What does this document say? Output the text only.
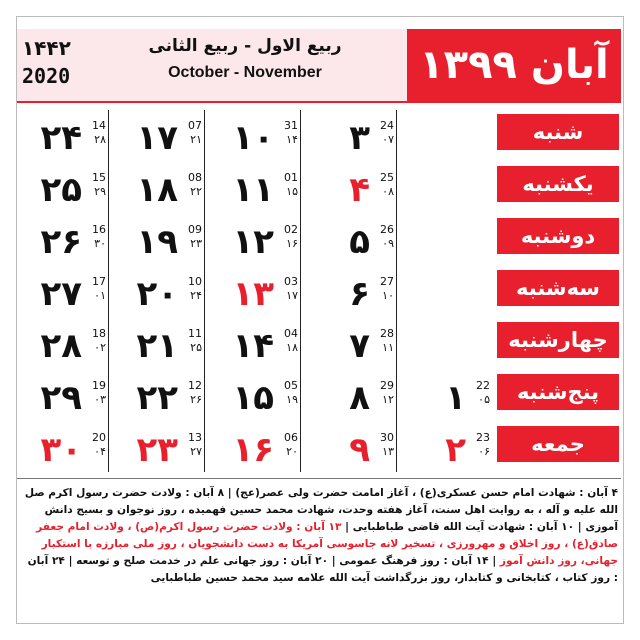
آبان ۱۳۹۹
۱۴۴۲
2020
ربیع الاول - ربیع الثانی
October - November
شنبه
یکشنبه
دوشنبه
سه‌شنبه
چهارشنبه
پنج‌شنبه
جمعه
۱ 22
۰۵
۲ 23
۰۶
۳ 24
۰۷
۴ 25
۰۸
۵ 26
۰۹
۶ 27
۱۰
۷ 28
۱۱
۸ 29
۱۲
۹ 30
۱۳
۱۰ 31
۱۴
۱۱ 01
۱۵
۱۲ 02
۱۶
۱۳ 03
۱۷
۱۴ 04
۱۸
۱۵ 05
۱۹
۱۶ 06
۲۰
۱۷ 07
۲۱
۱۸ 08
۲۲
۱۹ 09
۲۳
۲۰ 10
۲۴
۲۱ 11
۲۵
۲۲ 12
۲۶
۲۳ 13
۲۷
۲۴ 14
۲۸
۲۵ 15
۲۹
۲۶ 16
۳۰
۲۷ 17
۰۱
۲۸ 18
۰۲
۲۹ 19
۰۳
۳۰ 20
۰۴
۴ آبان : شهادت امام حسن عسکری(ع) ، آغاز امامت حضرت ولی عصر(عج) | ۸ آبان : ولادت حضرت رسول اکرم صل الله علیه و آله ، به روایت اهل سنت، آغاز هفته وحدت، شهادت محمد حسین فهمیده ، روز نوجوان و بسیج دانش آموزی | ۱۰ آبان : شهادت آیت الله قاضی طباطبایی | ۱۳ آبان : ولادت حضرت رسول اکرم(ص) ، ولادت امام جعفر صادق(ع) ، روز اخلاق و مهرورزی ، تسخیر لانه جاسوسی آمریکا به دست دانشجویان ، روز ملی مبارزه با استکبار جهانی، روز دانش آموز | ۱۴ آبان : روز فرهنگ عمومی | ۲۰ آبان : روز جهانی علم در خدمت صلح و توسعه | ۲۴ آبان : روز کتاب ، کتابخانی و کتابدار، روز بزرگداشت آیت الله علامه سید محمد حسین طباطبایی
